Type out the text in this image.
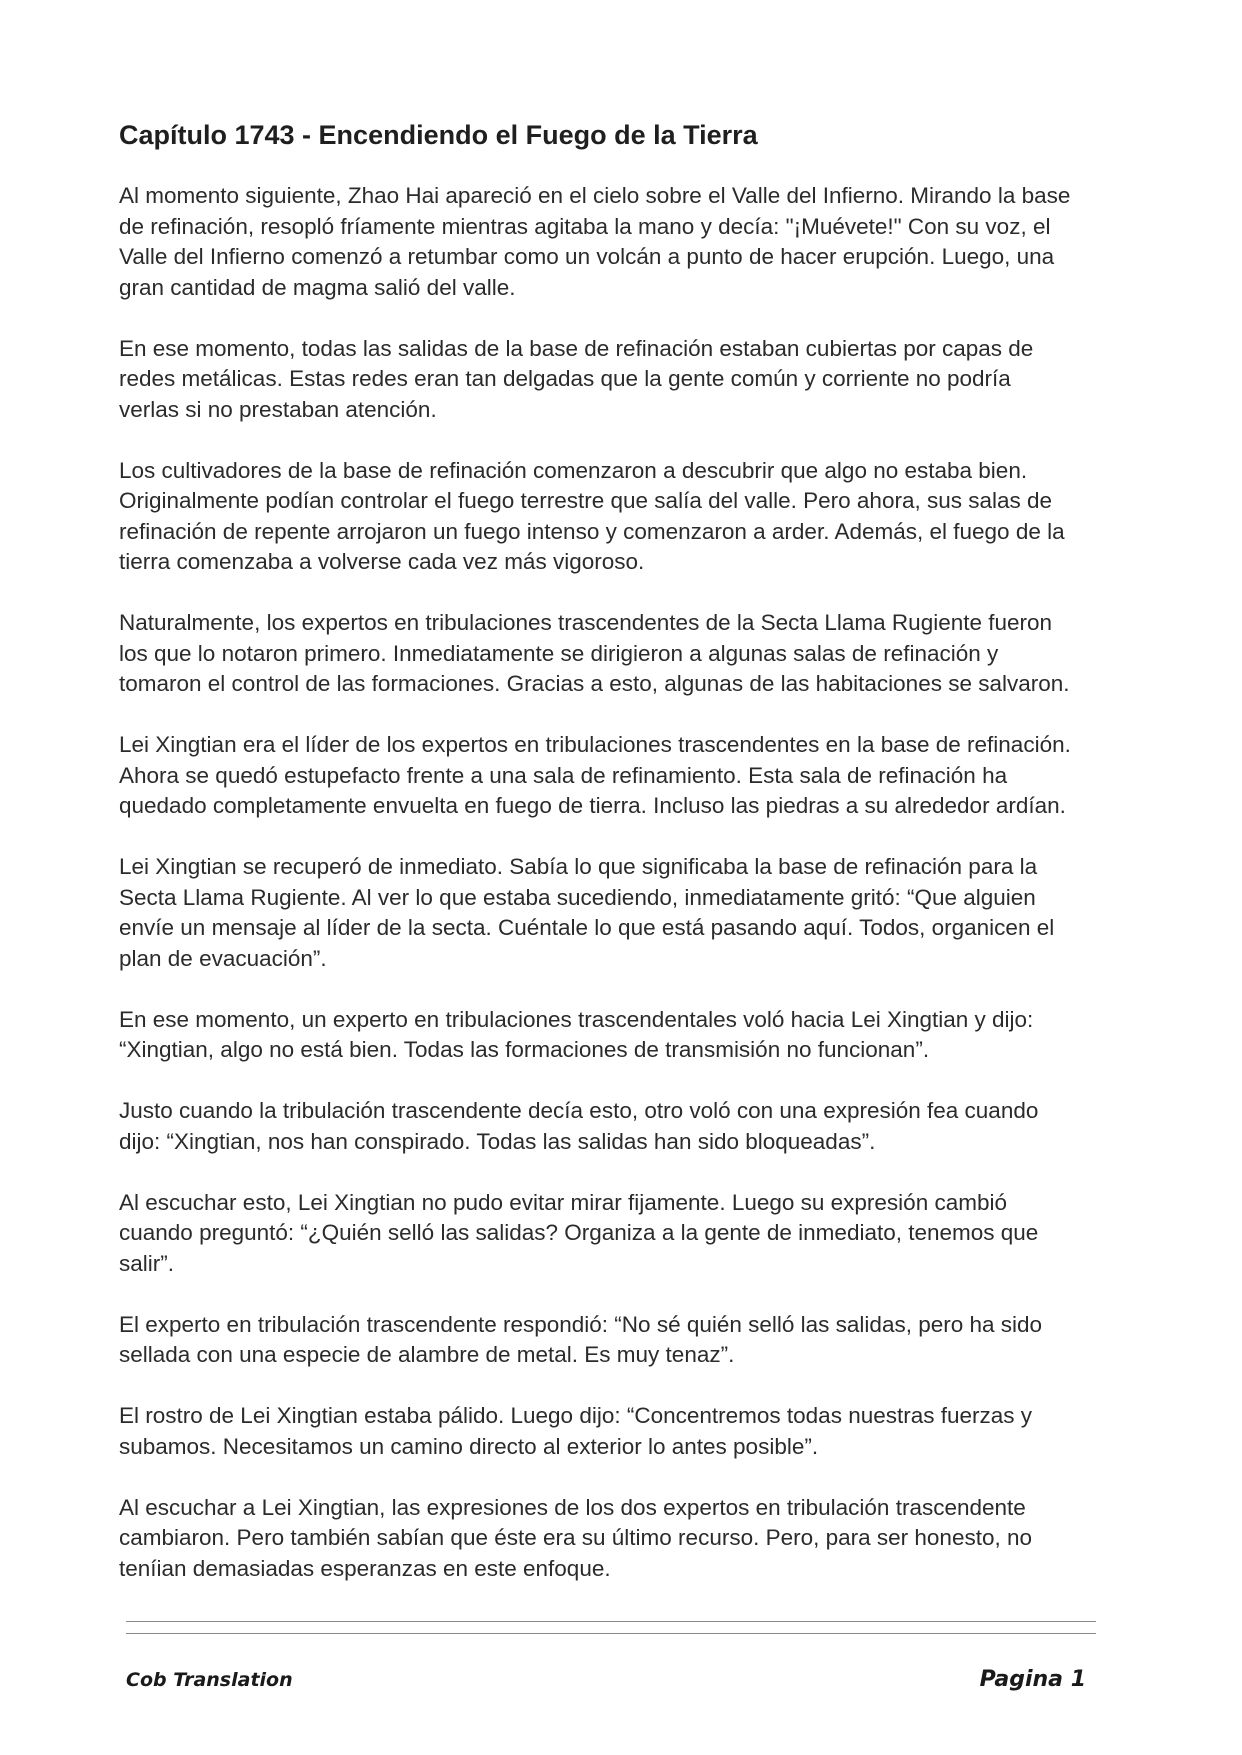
Capítulo 1743 - Encendiendo el Fuego de la Tierra

Al momento siguiente, Zhao Hai apareció en el cielo sobre el Valle del Infierno. Mirando la base
de refinación, resopló fríamente mientras agitaba la mano y decía: "¡Muévete!" Con su voz, el
Valle del Infierno comenzó a retumbar como un volcán a punto de hacer erupción. Luego, una
gran cantidad de magma salió del valle.

En ese momento, todas las salidas de la base de refinación estaban cubiertas por capas de
redes metálicas. Estas redes eran tan delgadas que la gente común y corriente no podría
verlas si no prestaban atención.

Los cultivadores de la base de refinación comenzaron a descubrir que algo no estaba bien.
Originalmente podían controlar el fuego terrestre que salía del valle. Pero ahora, sus salas de
refinación de repente arrojaron un fuego intenso y comenzaron a arder. Además, el fuego de la
tierra comenzaba a volverse cada vez más vigoroso.

Naturalmente, los expertos en tribulaciones trascendentes de la Secta Llama Rugiente fueron
los que lo notaron primero. Inmediatamente se dirigieron a algunas salas de refinación y
tomaron el control de las formaciones. Gracias a esto, algunas de las habitaciones se salvaron.

Lei Xingtian era el líder de los expertos en tribulaciones trascendentes en la base de refinación.
Ahora se quedó estupefacto frente a una sala de refinamiento. Esta sala de refinación ha
quedado completamente envuelta en fuego de tierra. Incluso las piedras a su alrededor ardían.

Lei Xingtian se recuperó de inmediato. Sabía lo que significaba la base de refinación para la
Secta Llama Rugiente. Al ver lo que estaba sucediendo, inmediatamente gritó: “Que alguien
envíe un mensaje al líder de la secta. Cuéntale lo que está pasando aquí. Todos, organicen el
plan de evacuación”.

En ese momento, un experto en tribulaciones trascendentales voló hacia Lei Xingtian y dijo:
“Xingtian, algo no está bien. Todas las formaciones de transmisión no funcionan”.

Justo cuando la tribulación trascendente decía esto, otro voló con una expresión fea cuando
dijo: “Xingtian, nos han conspirado. Todas las salidas han sido bloqueadas”.

Al escuchar esto, Lei Xingtian no pudo evitar mirar fijamente. Luego su expresión cambió
cuando preguntó: “¿Quién selló las salidas? Organiza a la gente de inmediato, tenemos que
salir”.

El experto en tribulación trascendente respondió: “No sé quién selló las salidas, pero ha sido
sellada con una especie de alambre de metal. Es muy tenaz”.

El rostro de Lei Xingtian estaba pálido. Luego dijo: “Concentremos todas nuestras fuerzas y
subamos. Necesitamos un camino directo al exterior lo antes posible”.

Al escuchar a Lei Xingtian, las expresiones de los dos expertos en tribulación trascendente
cambiaron. Pero también sabían que éste era su último recurso. Pero, para ser honesto, no
teníian demasiadas esperanzas en este enfoque.

Cob Translation	Pagina 1
